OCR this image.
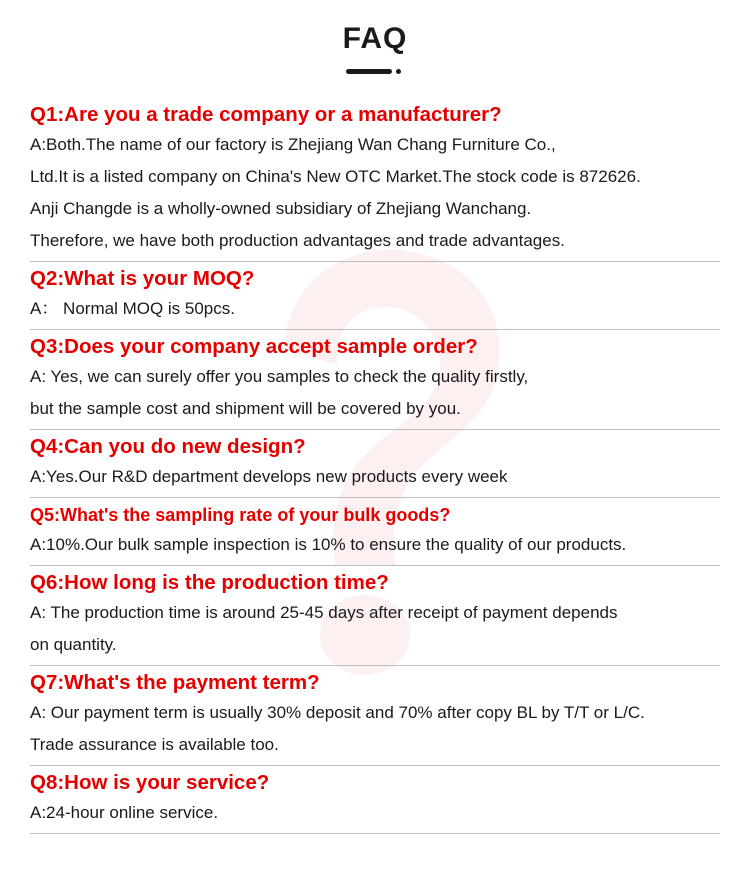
FAQ

Q1:Are you a trade company or a manufacturer?

A:Both.The name of our factory is Zhejiang Wan Chang Furniture Co.,

Ltd.It is a listed company on China's New OTC Market.The stock code is 872626.

Anji Changde is a wholly-owned subsidiary of Zhejiang Wanchang.

Therefore, we have both production advantages and trade advantages.

Q2:What is your MOQ?

A： Normal MOQ is 50pcs.

Q3:Does your company accept sample order?

A: Yes, we can surely offer you samples to check the quality firstly,

but the sample cost and shipment will be covered by you.

Q4:Can you do new design?

A:Yes.Our R&D department develops new products every week

Q5:What's the sampling rate of your bulk goods?

A:10%.Our bulk sample inspection is 10% to ensure the quality of our products.

Q6:How long is the production time?

A: The production time is around 25-45 days after receipt of payment depends

on quantity.

Q7:What's the payment term?

A: Our payment term is usually 30% deposit and 70% after copy BL by T/T or L/C.

Trade assurance is available too.

Q8:How is your service?

A:24-hour online service.
